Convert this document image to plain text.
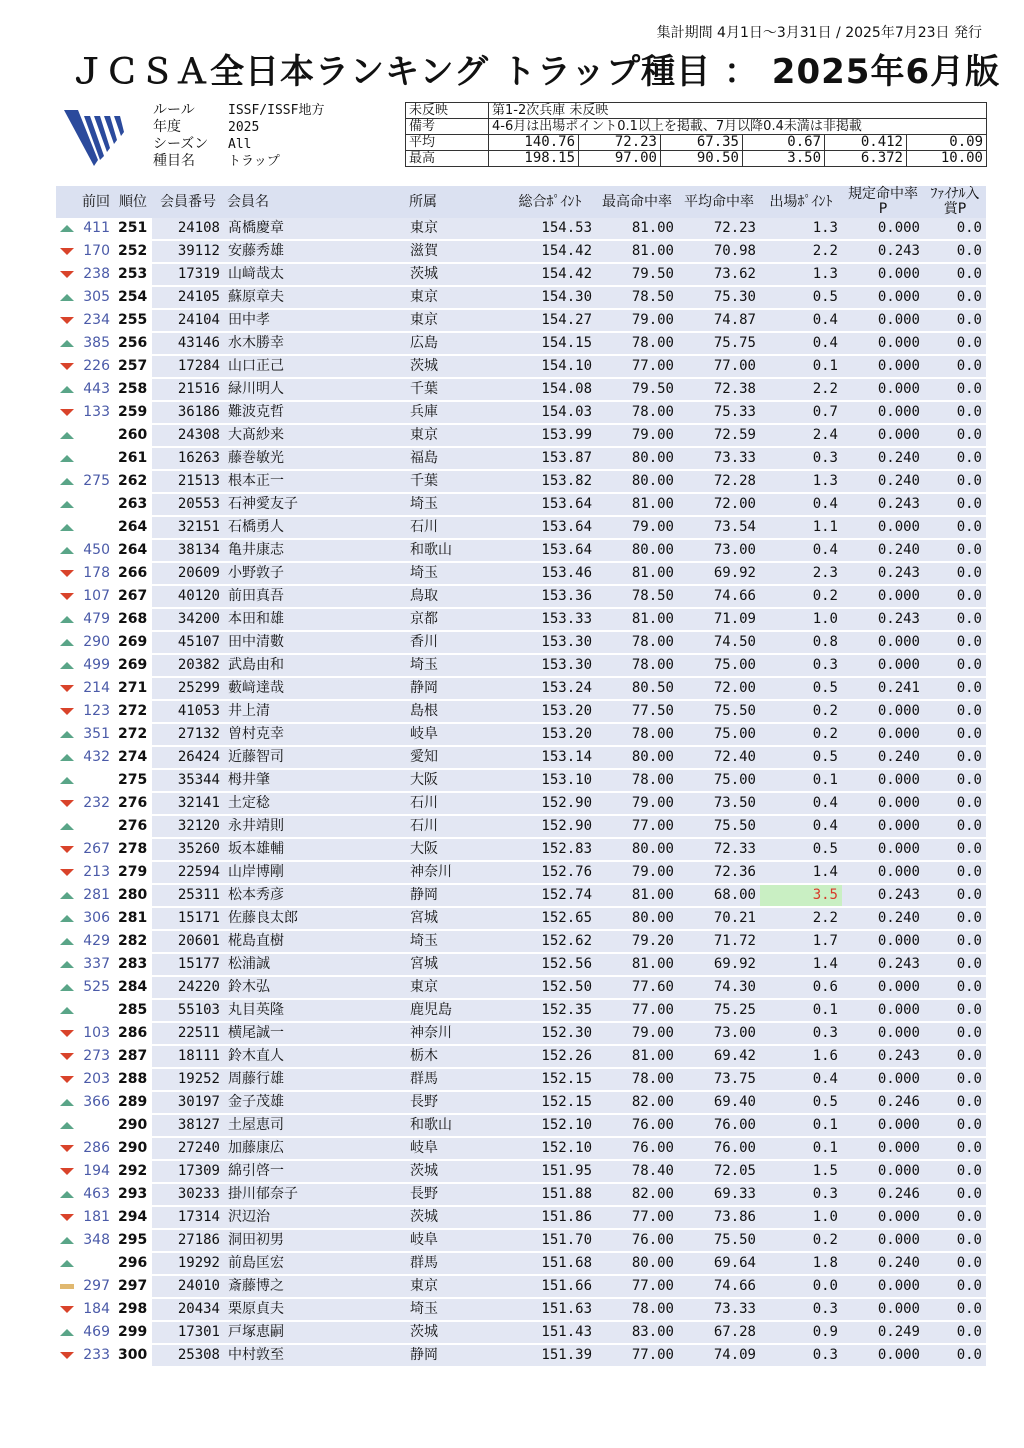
集計期間 4月1日～3月31日 / 2025年7月23日 発行
ＪＣＳＡ全日本ランキング トラップ種目 ： 2025年6月版
ルール	ISSF/ISSF地方
年度	2025
シーズン	All
種目名	トラップ
未反映	第1-2次兵庫 未反映					
備考	4-6月は出場ポイント0.1以上を掲載、7月以降0.4未満は非掲載					
平均	140.76	72.23	67.35	0.67	0.412	0.09
最高	198.15	97.00	90.50	3.50	6.372	10.00
	前回	順位	会員番号	会員名	所属	総合ﾎﾟｲﾝﾄ	最高命中率	平均命中率	出場ﾎﾟｲﾝﾄ	規定命中率P	ﾌｧｲﾅﾙ入賞P
	411	251	24108	髙橋慶章	東京	154.53	81.00	72.23	1.3	0.000	0.0
	170	252	39112	安藤秀雄	滋賀	154.42	81.00	70.98	2.2	0.243	0.0
	238	253	17319	山﨑哉太	茨城	154.42	79.50	73.62	1.3	0.000	0.0
	305	254	24105	蘇原章夫	東京	154.30	78.50	75.30	0.5	0.000	0.0
	234	255	24104	田中孝	東京	154.27	79.00	74.87	0.4	0.000	0.0
	385	256	43146	水木勝幸	広島	154.15	78.00	75.75	0.4	0.000	0.0
	226	257	17284	山口正己	茨城	154.10	77.00	77.00	0.1	0.000	0.0
	443	258	21516	緑川明人	千葉	154.08	79.50	72.38	2.2	0.000	0.0
	133	259	36186	難波克哲	兵庫	154.03	78.00	75.33	0.7	0.000	0.0
		260	24308	大髙紗来	東京	153.99	79.00	72.59	2.4	0.000	0.0
		261	16263	藤巻敏光	福島	153.87	80.00	73.33	0.3	0.240	0.0
	275	262	21513	根本正一	千葉	153.82	80.00	72.28	1.3	0.240	0.0
		263	20553	石神愛友子	埼玉	153.64	81.00	72.00	0.4	0.243	0.0
		264	32151	石橋勇人	石川	153.64	79.00	73.54	1.1	0.000	0.0
	450	264	38134	亀井康志	和歌山	153.64	80.00	73.00	0.4	0.240	0.0
	178	266	20609	小野敦子	埼玉	153.46	81.00	69.92	2.3	0.243	0.0
	107	267	40120	前田真吾	鳥取	153.36	78.50	74.66	0.2	0.000	0.0
	479	268	34200	本田和雄	京都	153.33	81.00	71.09	1.0	0.243	0.0
	290	269	45107	田中清數	香川	153.30	78.00	74.50	0.8	0.000	0.0
	499	269	20382	武島由和	埼玉	153.30	78.00	75.00	0.3	0.000	0.0
	214	271	25299	藪﨑達哉	静岡	153.24	80.50	72.00	0.5	0.241	0.0
	123	272	41053	井上清	島根	153.20	77.50	75.50	0.2	0.000	0.0
	351	272	27132	曽村克幸	岐阜	153.20	78.00	75.00	0.2	0.000	0.0
	432	274	26424	近藤智司	愛知	153.14	80.00	72.40	0.5	0.240	0.0
		275	35344	栂井肇	大阪	153.10	78.00	75.00	0.1	0.000	0.0
	232	276	32141	土定稔	石川	152.90	79.00	73.50	0.4	0.000	0.0
		276	32120	永井靖則	石川	152.90	77.00	75.50	0.4	0.000	0.0
	267	278	35260	坂本雄輔	大阪	152.83	80.00	72.33	0.5	0.000	0.0
	213	279	22594	山岸博剛	神奈川	152.76	79.00	72.36	1.4	0.000	0.0
	281	280	25311	松本秀彦	静岡	152.74	81.00	68.00	3.5	0.243	0.0
	306	281	15171	佐藤良太郎	宮城	152.65	80.00	70.21	2.2	0.240	0.0
	429	282	20601	椛島直樹	埼玉	152.62	79.20	71.72	1.7	0.000	0.0
	337	283	15177	松浦誠	宮城	152.56	81.00	69.92	1.4	0.243	0.0
	525	284	24220	鈴木弘	東京	152.50	77.60	74.30	0.6	0.000	0.0
		285	55103	丸目英隆	鹿児島	152.35	77.00	75.25	0.1	0.000	0.0
	103	286	22511	横尾誠一	神奈川	152.30	79.00	73.00	0.3	0.000	0.0
	273	287	18111	鈴木直人	栃木	152.26	81.00	69.42	1.6	0.243	0.0
	203	288	19252	周藤行雄	群馬	152.15	78.00	73.75	0.4	0.000	0.0
	366	289	30197	金子茂雄	長野	152.15	82.00	69.40	0.5	0.246	0.0
		290	38127	土屋恵司	和歌山	152.10	76.00	76.00	0.1	0.000	0.0
	286	290	27240	加藤康広	岐阜	152.10	76.00	76.00	0.1	0.000	0.0
	194	292	17309	綿引啓一	茨城	151.95	78.40	72.05	1.5	0.000	0.0
	463	293	30233	掛川郁奈子	長野	151.88	82.00	69.33	0.3	0.246	0.0
	181	294	17314	沢辺治	茨城	151.86	77.00	73.86	1.0	0.000	0.0
	348	295	27186	洞田初男	岐阜	151.70	76.00	75.50	0.2	0.000	0.0
		296	19292	前島匡宏	群馬	151.68	80.00	69.64	1.8	0.240	0.0
	297	297	24010	斎藤博之	東京	151.66	77.00	74.66	0.0	0.000	0.0
	184	298	20434	栗原貞夫	埼玉	151.63	78.00	73.33	0.3	0.000	0.0
	469	299	17301	戸塚恵嗣	茨城	151.43	83.00	67.28	0.9	0.249	0.0
	233	300	25308	中村敦至	静岡	151.39	77.00	74.09	0.3	0.000	0.0
